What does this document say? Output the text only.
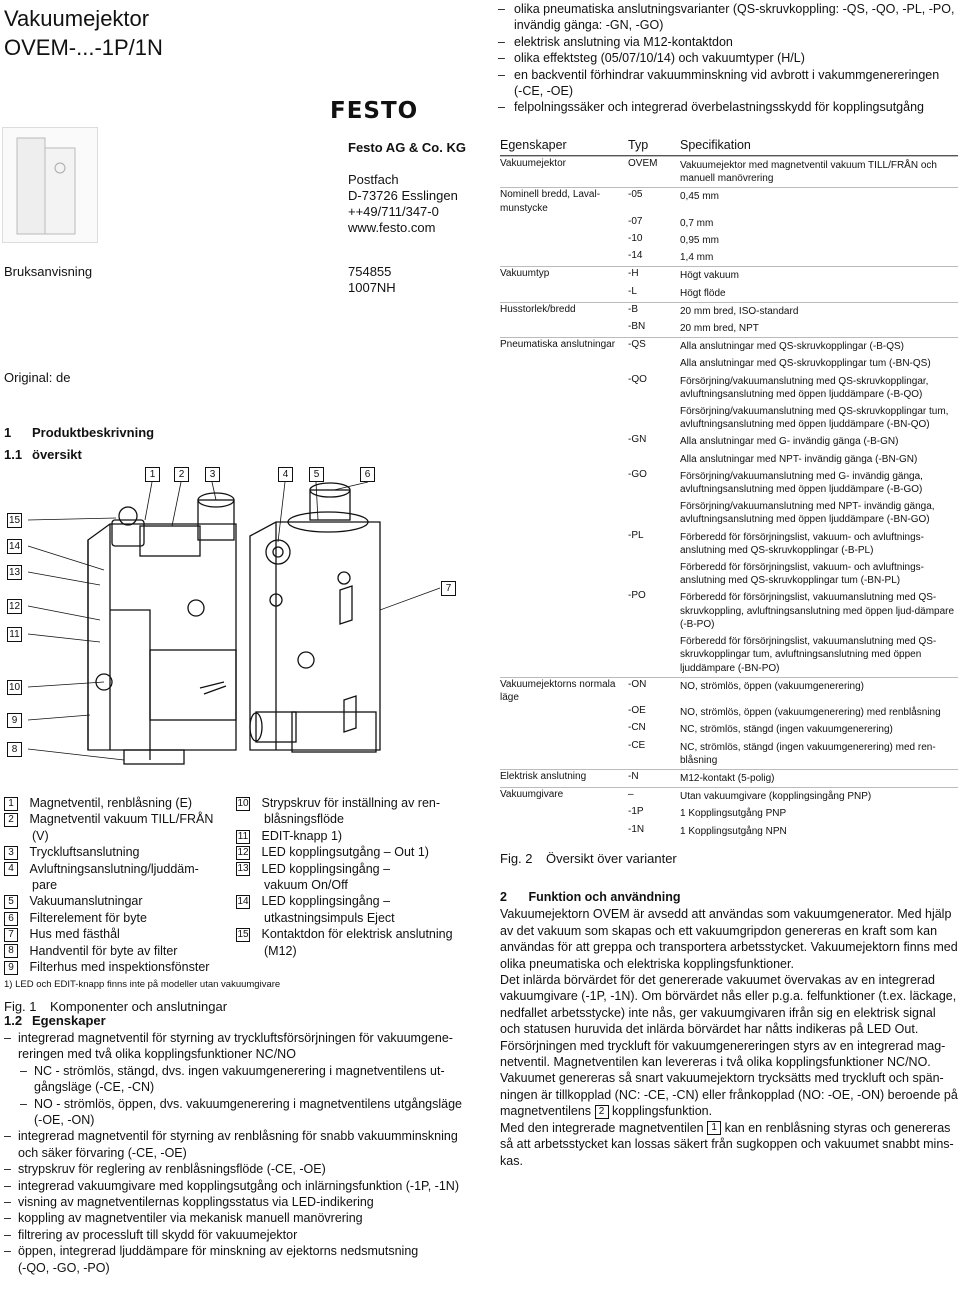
Vakuumejektor
OVEM-...-1P/1N
FESTO
Festo AG & Co. KG
Postfach
D-73726 Esslingen
++49/711/347-0
www.festo.com
754855
1007NH
Bruksanvisning
Original: de
1 Produktbeskrivning
1.1 översikt
1	2	3	4	5	6
7
15
14
13
12
11
10
9
8
1 Magnetventil, renblåsning (E)
2 Magnetventil vakuum TILL/FRÅN
(V)
3 Tryckluftsanslutning
4 Avluftningsanslutning/ljuddäm-
pare
5 Vakuumanslutningar
6 Filterelement för byte
7 Hus med fästhål
8 Handventil för byte av filter
9 Filterhus med inspektionsfönster
10 Strypskruv för inställning av ren-
blåsningsflöde
11 EDIT-knapp 1)
12 LED kopplingsutgång – Out 1)
13 LED kopplingsingång –
vakuum On/Off
14 LED kopplingsingång –
utkastningsimpuls Eject
15 Kontaktdon för elektrisk anslutning
(M12)
1) LED och EDIT-knapp finns inte på modeller utan vakuumgivare
Fig. 1 Komponenter och anslutningar
1.2 Egenskaper
– integrerad magnetventil för styrning av tryckluftsförsörjningen för vakuumgene-
reringen med två olika kopplingsfunktioner NC/NO
– NC - strömlös, stängd, dvs. ingen vakuumgenerering i magnetventilens ut-
gångsläge (-CE, -CN)
– NO - strömlös, öppen, dvs. vakuumgenerering i magnetventilens utgångsläge
(-OE, -ON)
– integrerad magnetventil för styrning av renblåsning för snabb vakuumminskning
och säker förvaring (-CE, -OE)
– strypskruv för reglering av renblåsningsflöde (-CE, -OE)
– integrerad vakuumgivare med kopplingsutgång och inlärningsfunktion (-1P, -1N)
– visning av magnetventilernas kopplingsstatus via LED-indikering
– koppling av magnetventiler via mekanisk manuell manövrering
– filtrering av processluft till skydd för vakuumejektor
– öppen, integrerad ljuddämpare för minskning av ejektorns nedsmutsning
(-QO, -GO, -PO)
– olika pneumatiska anslutningsvarianter (QS-skruvkoppling: -QS, -QO, -PL, -PO,
invändig gänga: -GN, -GO)
– elektrisk anslutning via M12-kontaktdon
– olika effektsteg (05/07/10/14) och vakuumtyper (H/L)
– en backventil förhindrar vakuumminskning vid avbrott i vakummgenereringen
(-CE, -OE)
– felpolningssäker och integrerad överbelastningsskydd för kopplingsutgång
Egenskaper	Typ	Specifikation
Vakuumejektor	OVEM	Vakuumejektor med magnetventil vakuum TILL/FRÅN och manuell manövrering
Nominell bredd, Laval-munstycke
-05	0,45 mm
-07	0,7 mm
-10	0,95 mm
-14	1,4 mm
Vakuumtyp	-H	Högt vakuum
-L	Högt flöde
Husstorlek/bredd	-B	20 mm bred, ISO-standard
-BN	20 mm bred, NPT
Pneumatiska anslutningar	-QS	Alla anslutningar med QS-skruvkopplingar (-B-QS)
Alla anslutningar med QS-skruvkopplingar tum (-BN-QS)
-QO	Försörjning/vakuumanslutning med QS-skruvkopplingar, avluftningsanslutning med öppen ljuddämpare (-B-QO)
Försörjning/vakuumanslutning med QS-skruvkopplingar tum, avluftningsanslutning med öppen ljuddämpare (-BN-QO)
-GN	Alla anslutningar med G- invändig gänga (-B-GN)
Alla anslutningar med NPT- invändig gänga (-BN-GN)
-GO	Försörjning/vakuumanslutning med G- invändig gänga, avluftningsanslutning med öppen ljuddämpare (-B-GO)
Försörjning/vakuumanslutning med NPT- invändig gänga, avluftningsanslutning med öppen ljuddämpare (-BN-GO)
-PL	Förberedd för försörjningslist, vakuum- och avluftnings-anslutning med QS-skruvkopplingar (-B-PL)
Förberedd för försörjningslist, vakuum- och avluftnings-anslutning med QS-skruvkopplingar tum (-BN-PL)
-PO	Förberedd för försörjningslist, vakuumanslutning med QS-skruvkoppling, avluftningsanslutning med öppen ljud-dämpare (-B-PO)
Förberedd för försörjningslist, vakuumanslutning med QS-skruvkopplingar tum, avluftningsanslutning med öppen ljuddämpare (-BN-PO)
Vakuumejektorns normala läge
-ON	NO, strömlös, öppen (vakuumgenerering)
-OE	NO, strömlös, öppen (vakuumgenerering) med renblåsning
-CN	NC, strömlös, stängd (ingen vakuumgenerering)
-CE	NC, strömlös, stängd (ingen vakuumgenerering) med ren-blåsning
Elektrisk anslutning	-N	M12-kontakt (5-polig)
Vakuumgivare	–	Utan vakuumgivare (kopplingsingång PNP)
-1P	1 Kopplingsutgång PNP
-1N	1 Kopplingsutgång NPN
Fig. 2 Översikt över varianter
2 Funktion och användning
Vakuumejektorn OVEM är avsedd att användas som vakuumgenerator. Med hjälp av det vakuum som skapas och ett vakuumgripdon genereras en kraft som kan användas för att greppa och transportera arbetsstycket. Vakuumejektorn finns med olika pneumatiska och elektriska kopplingsfunktioner.
Det inlärda börvärdet för det genererade vakuumet övervakas av en integrerad vakuumgivare (-1P, -1N). Om börvärdet nås eller p.g.a. felfunktioner (t.ex. läckage, nedfallet arbetsstycke) inte nås, ger vakuumgivaren ifrån sig en elektrisk signal och statusen huruvida det inlärda börvärdet har nåtts indikeras på LED Out.
Försörjningen med tryckluft för vakuumgenereringen styrs av en integrerad mag-netventil. Magnetventilen kan levereras i två olika kopplingsfunktioner NC/NO. Vakuumet genereras så snart vakuumejektorn trycksätts med tryckluft och spän-ningen är tillkopplad (NC: -CE, -CN) eller frånkopplad (NO: -OE, -ON) beroende på magnetventilens 2 kopplingsfunktion.
Med den integrerade magnetventilen 1 kan en renblåsning styras och genereras så att arbetsstycket kan lossas säkert från sugkoppen och vakuumet snabbt mins-kas.
